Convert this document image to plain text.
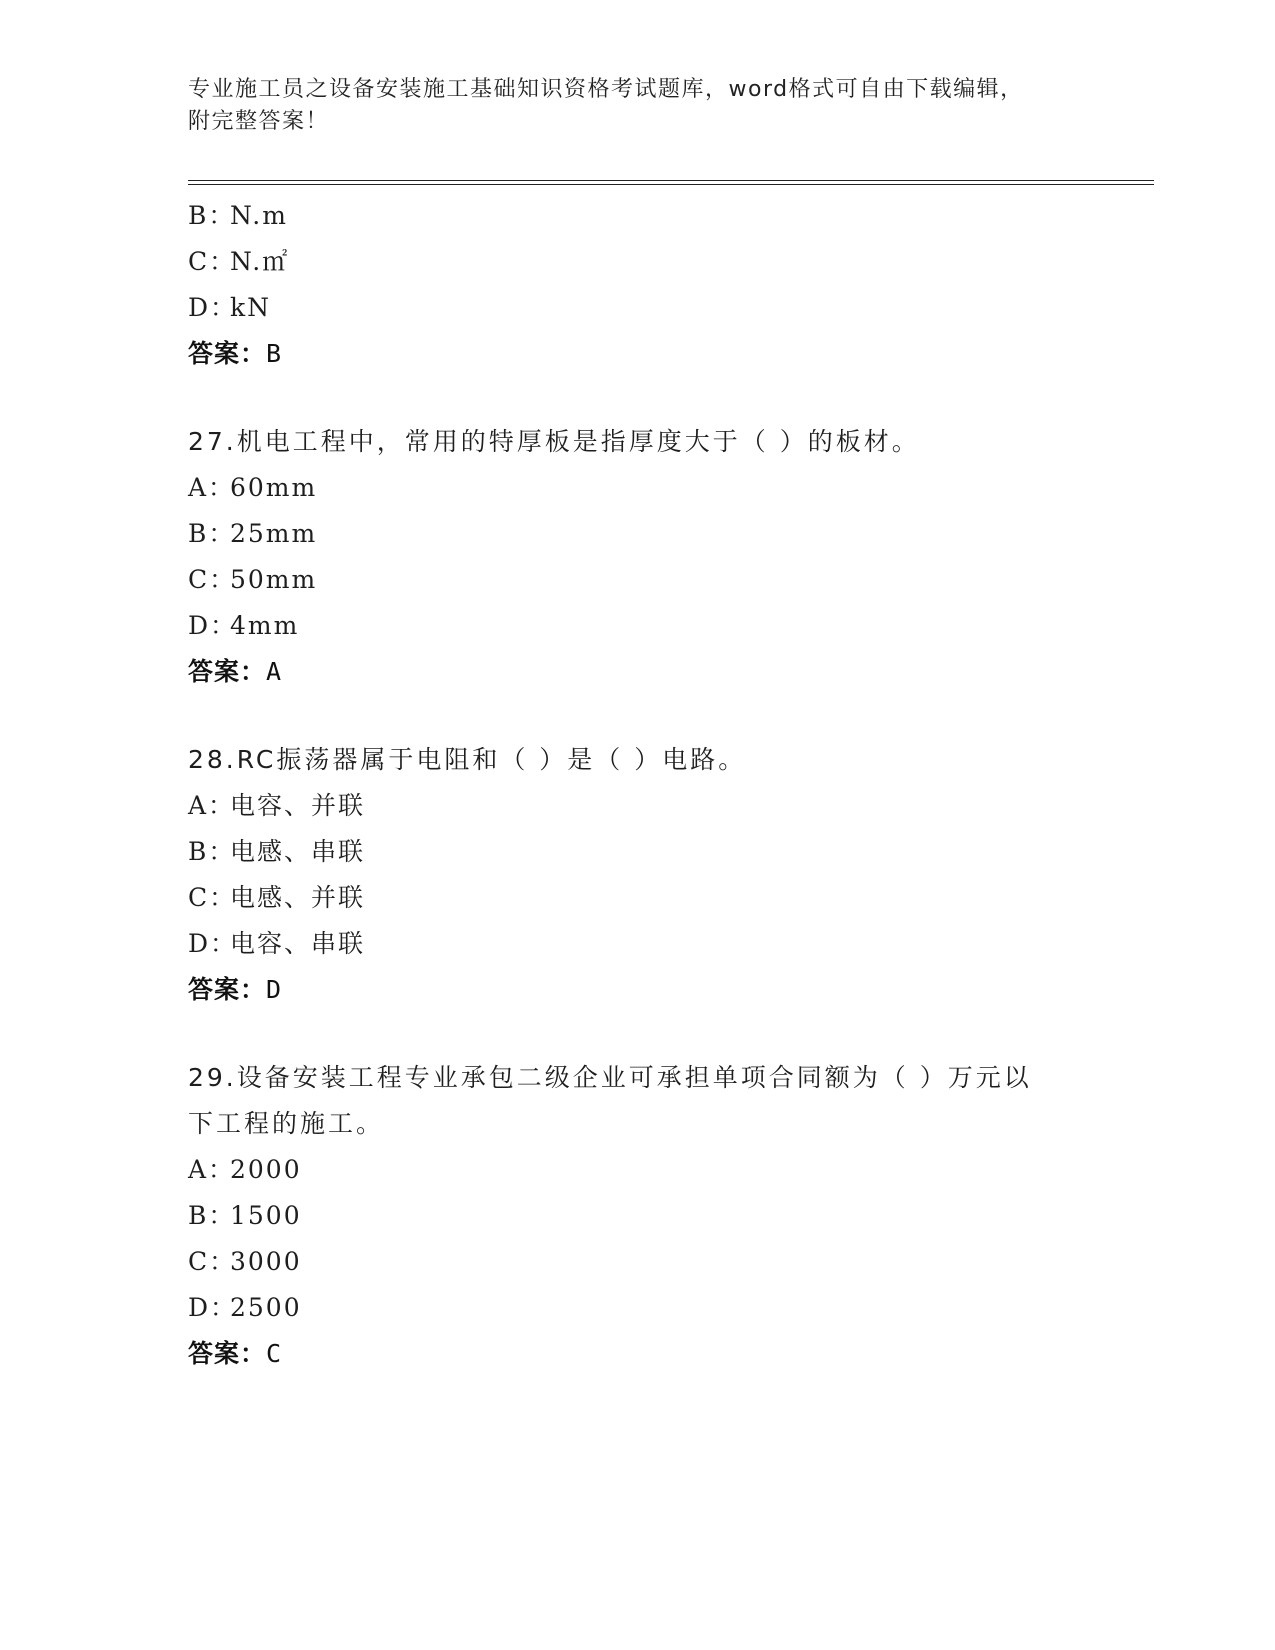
专业施工员之设备安装施工基础知识资格考试题库，word格式可自由下载编辑，
附完整答案！
B：N.m
C：N.㎡
D：kN
答案：B
27.机电工程中，常用的特厚板是指厚度大于（ ）的板材。
A：60mm
B：25mm
C：50mm
D：4mm
答案：A
28.RC振荡器属于电阻和（ ）是（ ）电路。
A：电容、并联
B：电感、串联
C：电感、并联
D：电容、串联
答案：D
29.设备安装工程专业承包二级企业可承担单项合同额为（ ）万元以
下工程的施工。
A：2000
B：1500
C：3000
D：2500
答案：C
